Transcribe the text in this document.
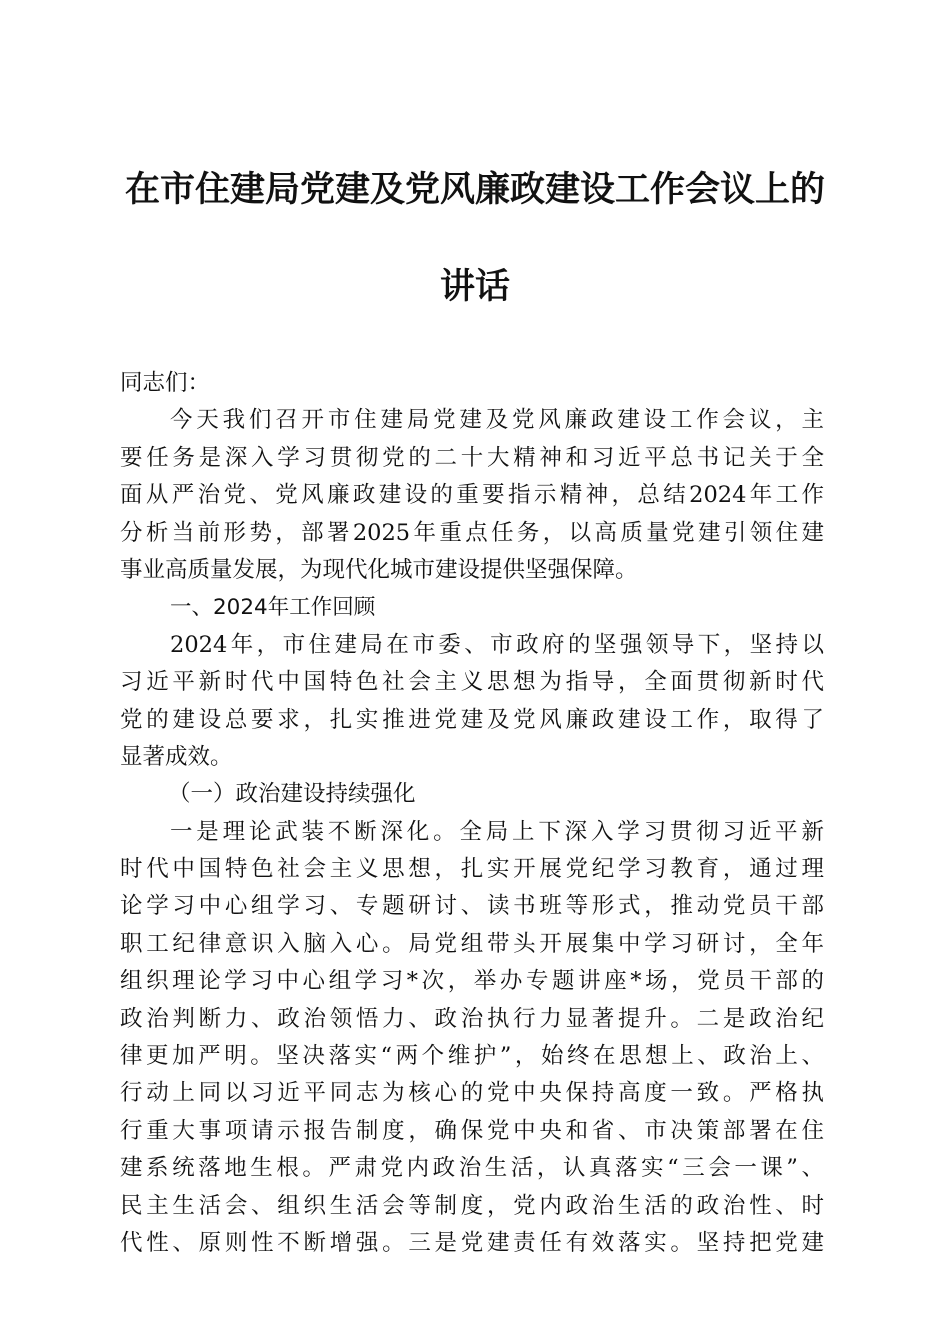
在市住建局党建及党风廉政建设工作会议上的
讲话
同志们：
今天我们召开市住建局党建及党风廉政建设工作会议，主
要任务是深入学习贯彻党的二十大精神和习近平总书记关于全
面从严治党、党风廉政建设的重要指示精神，总结2024年工作
分析当前形势，部署2025年重点任务，以高质量党建引领住建
事业高质量发展，为现代化城市建设提供坚强保障。
一、2024年工作回顾
2024年，市住建局在市委、市政府的坚强领导下，坚持以
习近平新时代中国特色社会主义思想为指导，全面贯彻新时代
党的建设总要求，扎实推进党建及党风廉政建设工作，取得了
显著成效。
（一）政治建设持续强化
一是理论武装不断深化。全局上下深入学习贯彻习近平新
时代中国特色社会主义思想，扎实开展党纪学习教育，通过理
论学习中心组学习、专题研讨、读书班等形式，推动党员干部
职工纪律意识入脑入心。局党组带头开展集中学习研讨，全年
组织理论学习中心组学习*次，举办专题讲座*场，党员干部的
政治判断力、政治领悟力、政治执行力显著提升。二是政治纪
律更加严明。坚决落实“两个维护”，始终在思想上、政治上、
行动上同以习近平同志为核心的党中央保持高度一致。严格执
行重大事项请示报告制度，确保党中央和省、市决策部署在住
建系统落地生根。严肃党内政治生活，认真落实“三会一课”、
民主生活会、组织生活会等制度，党内政治生活的政治性、时
代性、原则性不断增强。三是党建责任有效落实。坚持把党建
